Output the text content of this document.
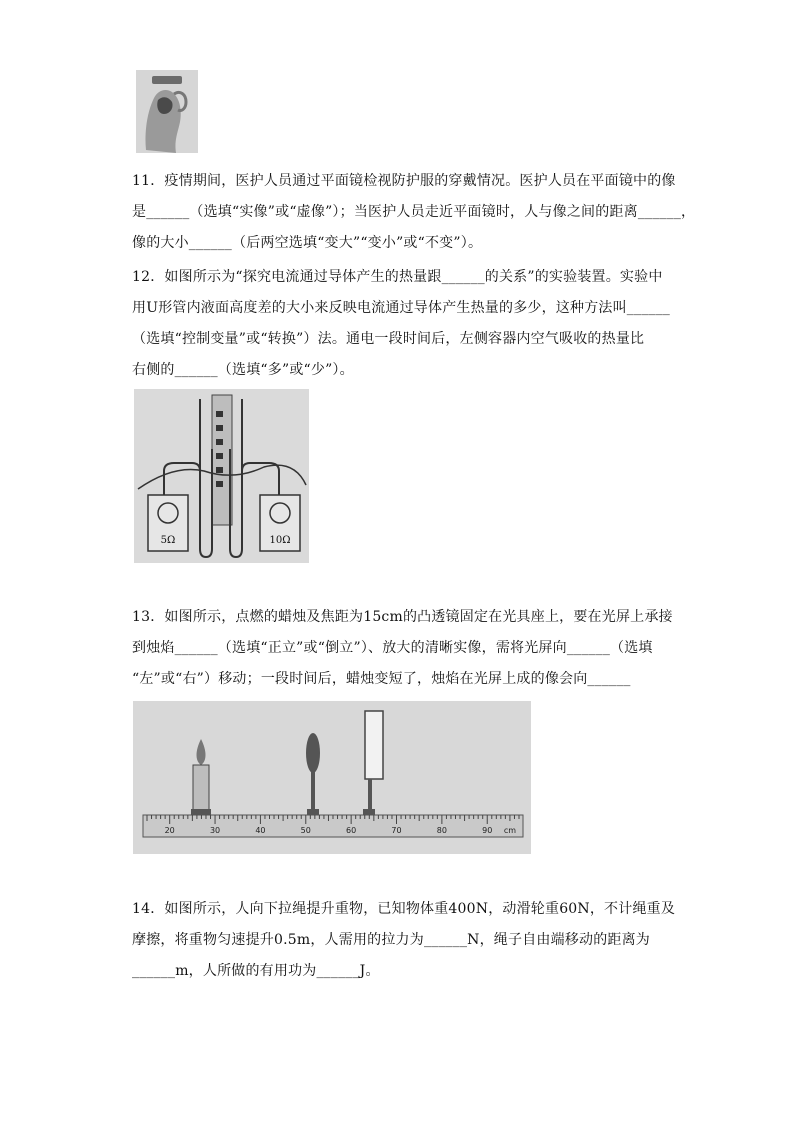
11．疫情期间，医护人员通过平面镜检视防护服的穿戴情况。医护人员在平面镜中的像

是______（选填“实像”或“虚像”）；当医护人员走近平面镜时，人与像之间的距离______，

像的大小______（后两空选填“变大”“变小”或“不变”）。

12．如图所示为“探究电流通过导体产生的热量跟______的关系”的实验装置。实验中

用U形管内液面高度差的大小来反映电流通过导体产生热量的多少，这种方法叫______

（选填“控制变量”或“转换”）法。通电一段时间后，左侧容器内空气吸收的热量比

右侧的______（选填“多”或“少”）。

5Ω	10Ω

13．如图所示，点燃的蜡烛及焦距为15cm的凸透镜固定在光具座上，要在光屏上承接

到烛焰______（选填“正立”或“倒立”）、放大的清晰实像，需将光屏向______（选填

“左”或“右”）移动；一段时间后，蜡烛变短了，烛焰在光屏上成的像会向______

20	30	40	50	60	70	80	90 cm

14．如图所示，人向下拉绳提升重物，已知物体重400N，动滑轮重60N，不计绳重及

摩擦，将重物匀速提升0.5m，人需用的拉力为______N，绳子自由端移动的距离为

______m，人所做的有用功为______J。
